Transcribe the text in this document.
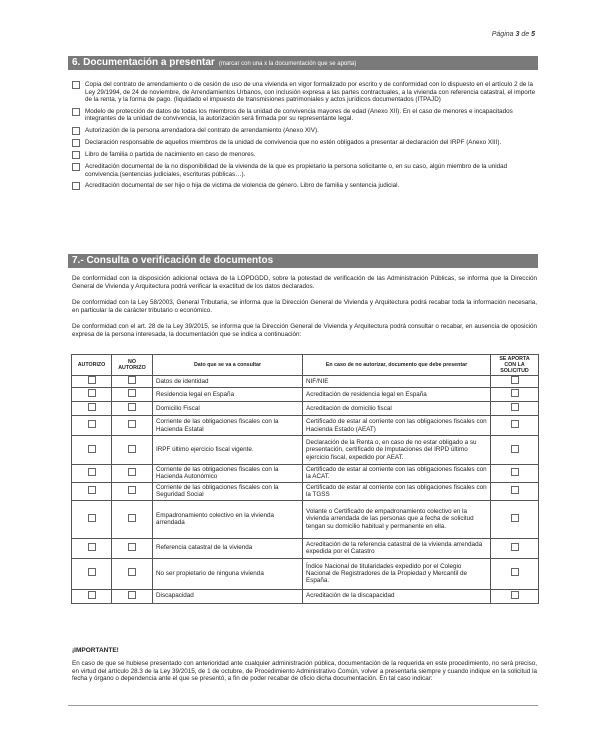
Página 3 de 5
6. Documentación a presentar (marcar con una x la documentación que se aporta)
Copia del contrato de arrendamiento o de cesión de uso de una vivienda en vigor formalizado por escrito y de conformidad con lo dispuesto en el artículo 2 de la Ley 29/1994, de 24 de noviembre, de Arrendamientos Urbanos, con inclusión expresa a las partes contractuales, a la vivienda con referencia catastral, el importe de la renta, y la forma de pago. (liquidado el impuesto de transmisiones patrimoniales y actos jurídicos documentados (ITPAJD)
Modelo de protección de datos de todas los miembros de la unidad de convivencia mayores de edad (Anexo XII). En el caso de menores e incapacitados integrantes de la unidad de convivencia, la autorización será firmada por su representante legal.
Autorización de la persona arrendadora del contrato de arrendamiento (Anexo XIV).
Declaración responsable de aquellos miembros de la unidad de convivencia que no estén obligados a presentar al declaración del IRPF (Anexo XIII).
Libro de familia o partida de nacimiento en caso de menores.
Acreditación documental de la no disponibilidad de la vivienda de la que es propietario la persona solicitante o, en su caso, algún miembro de la unidad convivencia.(sentencias judiciales, escrituras públicas…).
Acreditación documental de ser hijo o hija de victima de violencia de género. Libro de familia y sentencia judicial.
7.- Consulta o verificación de documentos
De conformidad con la disposición adicional octava de la LOPDGDD, sobre la potestad de verificación de las Administración Públicas, se informa que la Dirección General de Vivienda y Arquitectura podrá verificar la exactitud de los datos declarados.
De conformidad con la Ley 58/2003, General Tributaria, se informa que la Dirección General de Vivienda y Arquitectura podrá recabar toda la información necesaria, en particular la de carácter tributario o económico.
De conformidad con el art. 28 de la Ley 39/2015, se informa que la Dirección General de Vivienda y Arquitectura podrá consultar o recabar, en ausencia de oposición expresa de la persona interesada, la documentación que se indica a continuación:
AUTORIZO	NO AUTORIZO	Dato que se va a consultar	En caso de no autorizar, documento que debe presentar	SE APORTA CON LA SOLICITUD
		Datos de identidad	NIF/NIE	
		Residencia legal en España	Acreditación de residencia legal en España	
		Domicilio Fiscal	Acreditación de domicilio fiscal	
		Corriente de las obligaciones fiscales con la Hacienda Estatal	Certificado de estar al corriente con las obligaciones fiscales con Hacienda Estado (AEAT)	
		IRPF último ejercicio fiscal vigente.	Declaración de la Renta o, en caso de no estar obligado a su presentación, certificado de Imputaciones del IRPD último ejercicio fiscal, expedido por AEAT.	
		Corriente de las obligaciones fiscales con la Hacienda Autonómico	Certificado de estar al corriente con las obligaciones fiscales con la ACAT.	
		Corriente de las obligaciones fiscales con la Seguridad Social	Certificado de estar al corriente con las obligaciones fiscales con la TGSS	
		Empadronamiento colectivo en la vivienda arrendada	Volante o Certificado de empadronamiento colectivo en la vivienda arrendada de las personas que a fecha de solicitud tengan su domicilio habitual y permanente en ella.	
		Referencia catastral de la vivienda	Acreditación de la referencia catastral de la vivienda arrendada expedida por el Catastro	
		No ser propietario de ninguna vivienda	Índice Nacional de titularidades expedido por el Colegio Nacional de Registradores de la Propiedad y Mercantil de España.	
		Discapacidad	Acreditación de la discapacidad	
¡IMPORTANTE!
En caso de que se hubiese presentado con anterioridad ante cualquier administración pública, documentación de la requerida en este procedimiento, no será preciso, en virtud del artículo 28.3 de la Ley 39/2015, de 1 de octubre, de Procedimiento Administrativo Común, volver a presentarla siempre y cuando indique en la solicitud la fecha y órgano o dependencia ante el que se presentó, a fin de poder recabar de oficio dicha documentación. En tal caso indicar:
